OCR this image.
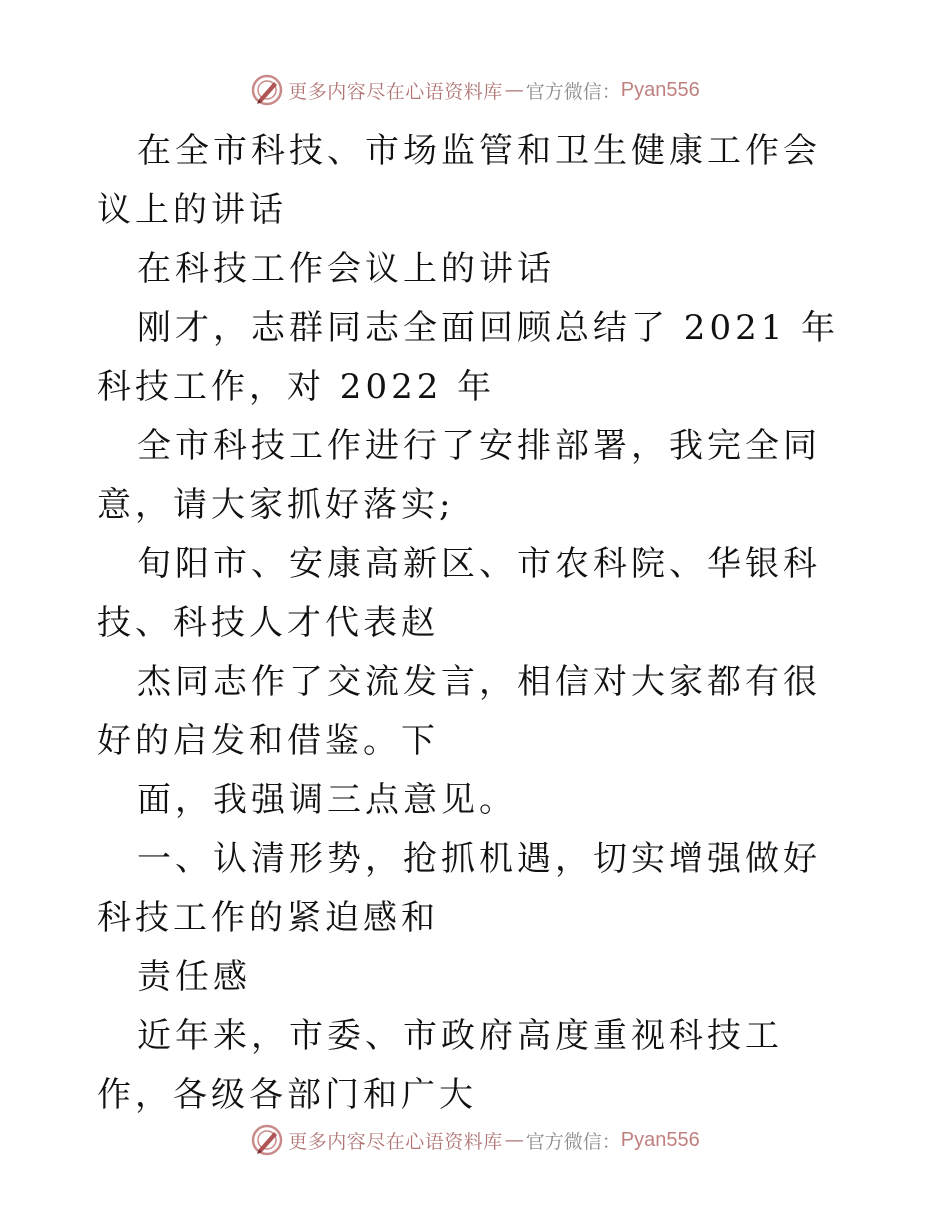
更多内容尽在心语资料库 — 官方微信： Pyan556

在全市科技、市场监管和卫生健康工作会议上的讲话

在科技工作会议上的讲话

刚才，志群同志全面回顾总结了 2021 年科技工作，对 2022 年

全市科技工作进行了安排部署，我完全同意，请大家抓好落实;

旬阳市、安康高新区、市农科院、华银科技、科技人才代表赵

杰同志作了交流发言，相信对大家都有很好的启发和借鉴。下

面，我强调三点意见。

一、认清形势，抢抓机遇，切实增强做好科技工作的紧迫感和

责任感

近年来，市委、市政府高度重视科技工作，各级各部门和广大

更多内容尽在心语资料库 — 官方微信： Pyan556
